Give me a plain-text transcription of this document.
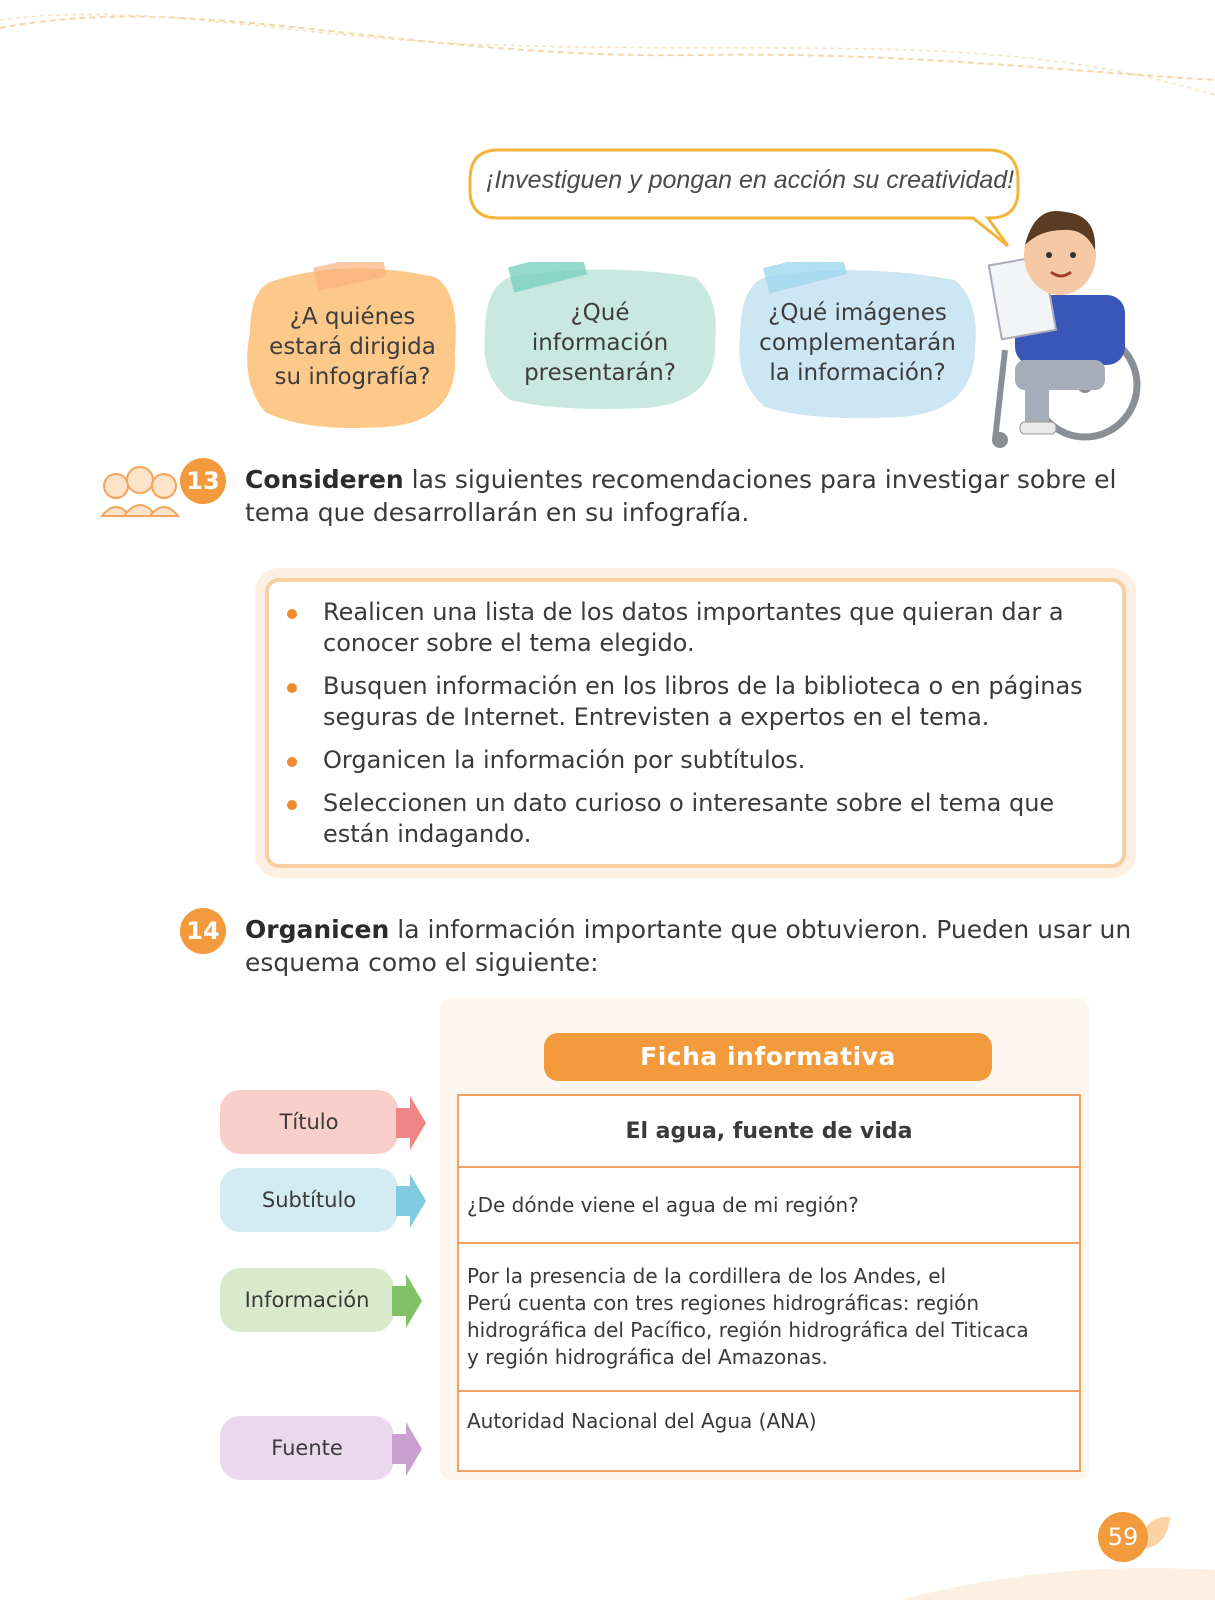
¡Investiguen y pongan en acción su creatividad!
¿A quiénes
estará dirigida
su infografía?
¿Qué
información
presentarán?
¿Qué imágenes
complementarán
la información?
13 Consideren las siguientes recomendaciones para investigar sobre el
tema que desarrollarán en su infografía.
Realicen una lista de los datos importantes que quieran dar a
conocer sobre el tema elegido.
Busquen información en los libros de la biblioteca o en páginas
seguras de Internet. Entrevisten a expertos en el tema.
Organicen la información por subtítulos.
Seleccionen un dato curioso o interesante sobre el tema que
están indagando.
14 Organicen la información importante que obtuvieron. Pueden usar un
esquema como el siguiente:
Título
Subtítulo
Información
Fuente
Ficha informativa
El agua, fuente de vida
¿De dónde viene el agua de mi región?
Por la presencia de la cordillera de los Andes, el
Perú cuenta con tres regiones hidrográficas: región
hidrográfica del Pacífico, región hidrográfica del Titicaca
y región hidrográfica del Amazonas.
Autoridad Nacional del Agua (ANA)
59
